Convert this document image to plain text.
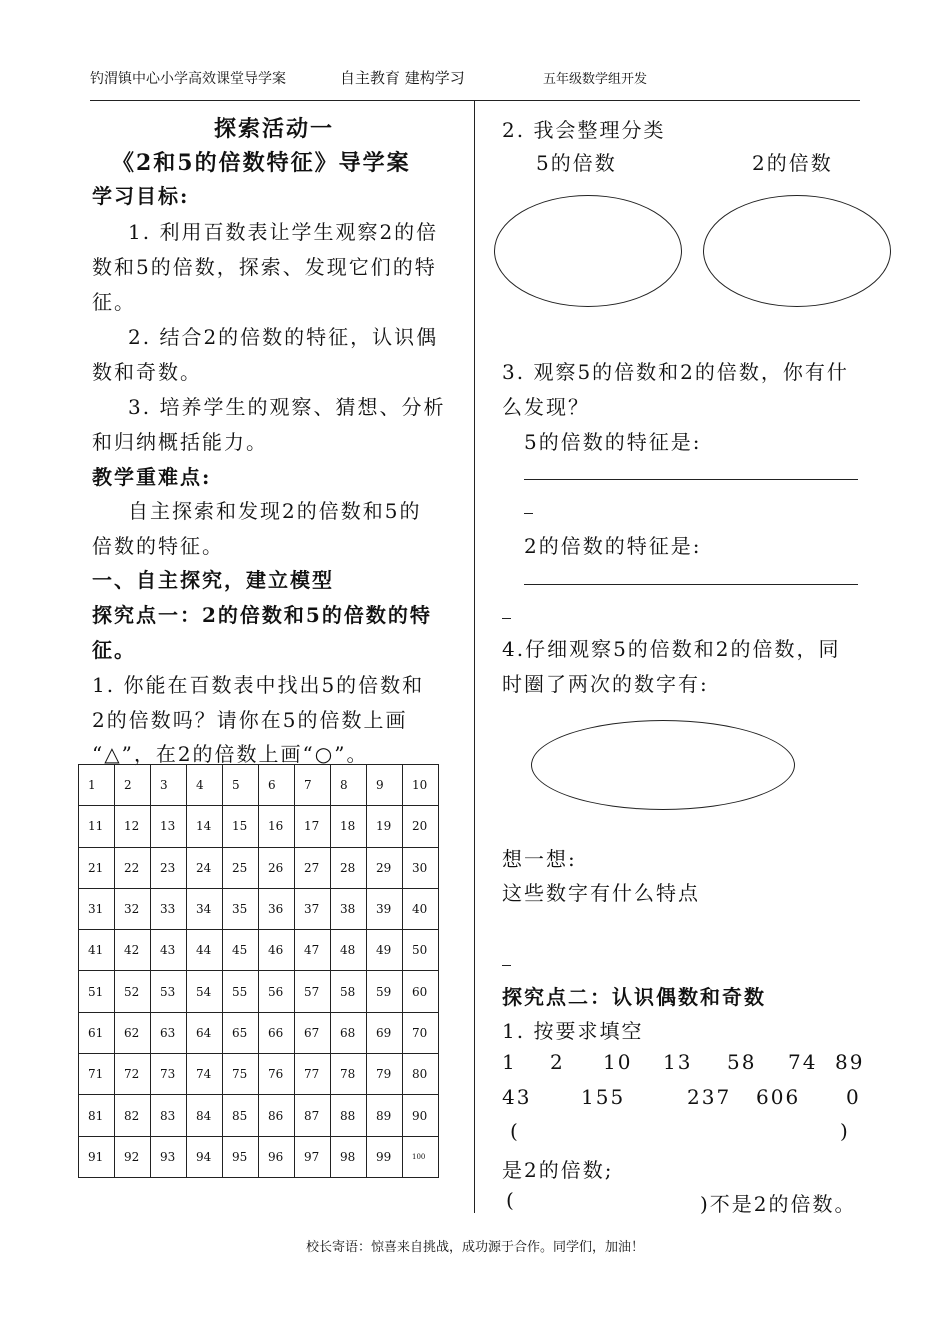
钓渭镇中心小学高效课堂导学案	自主教育 建构学习	五年级数学组开发
探索活动一
《2和5的倍数特征》导学案
学习目标:
1. 利用百数表让学生观察2的倍
数和5的倍数，探索、发现它们的特
征。
2. 结合2的倍数的特征，认识偶
数和奇数。
3. 培养学生的观察、猜想、分析
和归纳概括能力。
教学重难点:
自主探索和发现2的倍数和5的
倍数的特征。
一、自主探究，建立模型
探究点一：2的倍数和5的倍数的特
征。
1. 你能在百数表中找出5的倍数和
2的倍数吗？请你在5的倍数上画
“△”，在2的倍数上画“○”。
1	2	3	4	5	6	7	8	9	10
11	12	13	14	15	16	17	18	19	20
21	22	23	24	25	26	27	28	29	30
31	32	33	34	35	36	37	38	39	40
41	42	43	44	45	46	47	48	49	50
51	52	53	54	55	56	57	58	59	60
61	62	63	64	65	66	67	68	69	70
71	72	73	74	75	76	77	78	79	80
81	82	83	84	85	86	87	88	89	90
91	92	93	94	95	96	97	98	99	100
2. 我会整理分类
5的倍数	2的倍数
3. 观察5的倍数和2的倍数，你有什
么发现？
5的倍数的特征是:
2的倍数的特征是:
4.仔细观察5的倍数和2的倍数，同
时圈了两次的数字有:
想一想:
这些数字有什么特点
探究点二：认识偶数和奇数
1. 按要求填空
1 2 10 13 58 74 89
43 155	237 606 0
(	)
是2的倍数;
(	)不是2的倍数。
校长寄语：惊喜来自挑战，成功源于合作。同学们，加油！
